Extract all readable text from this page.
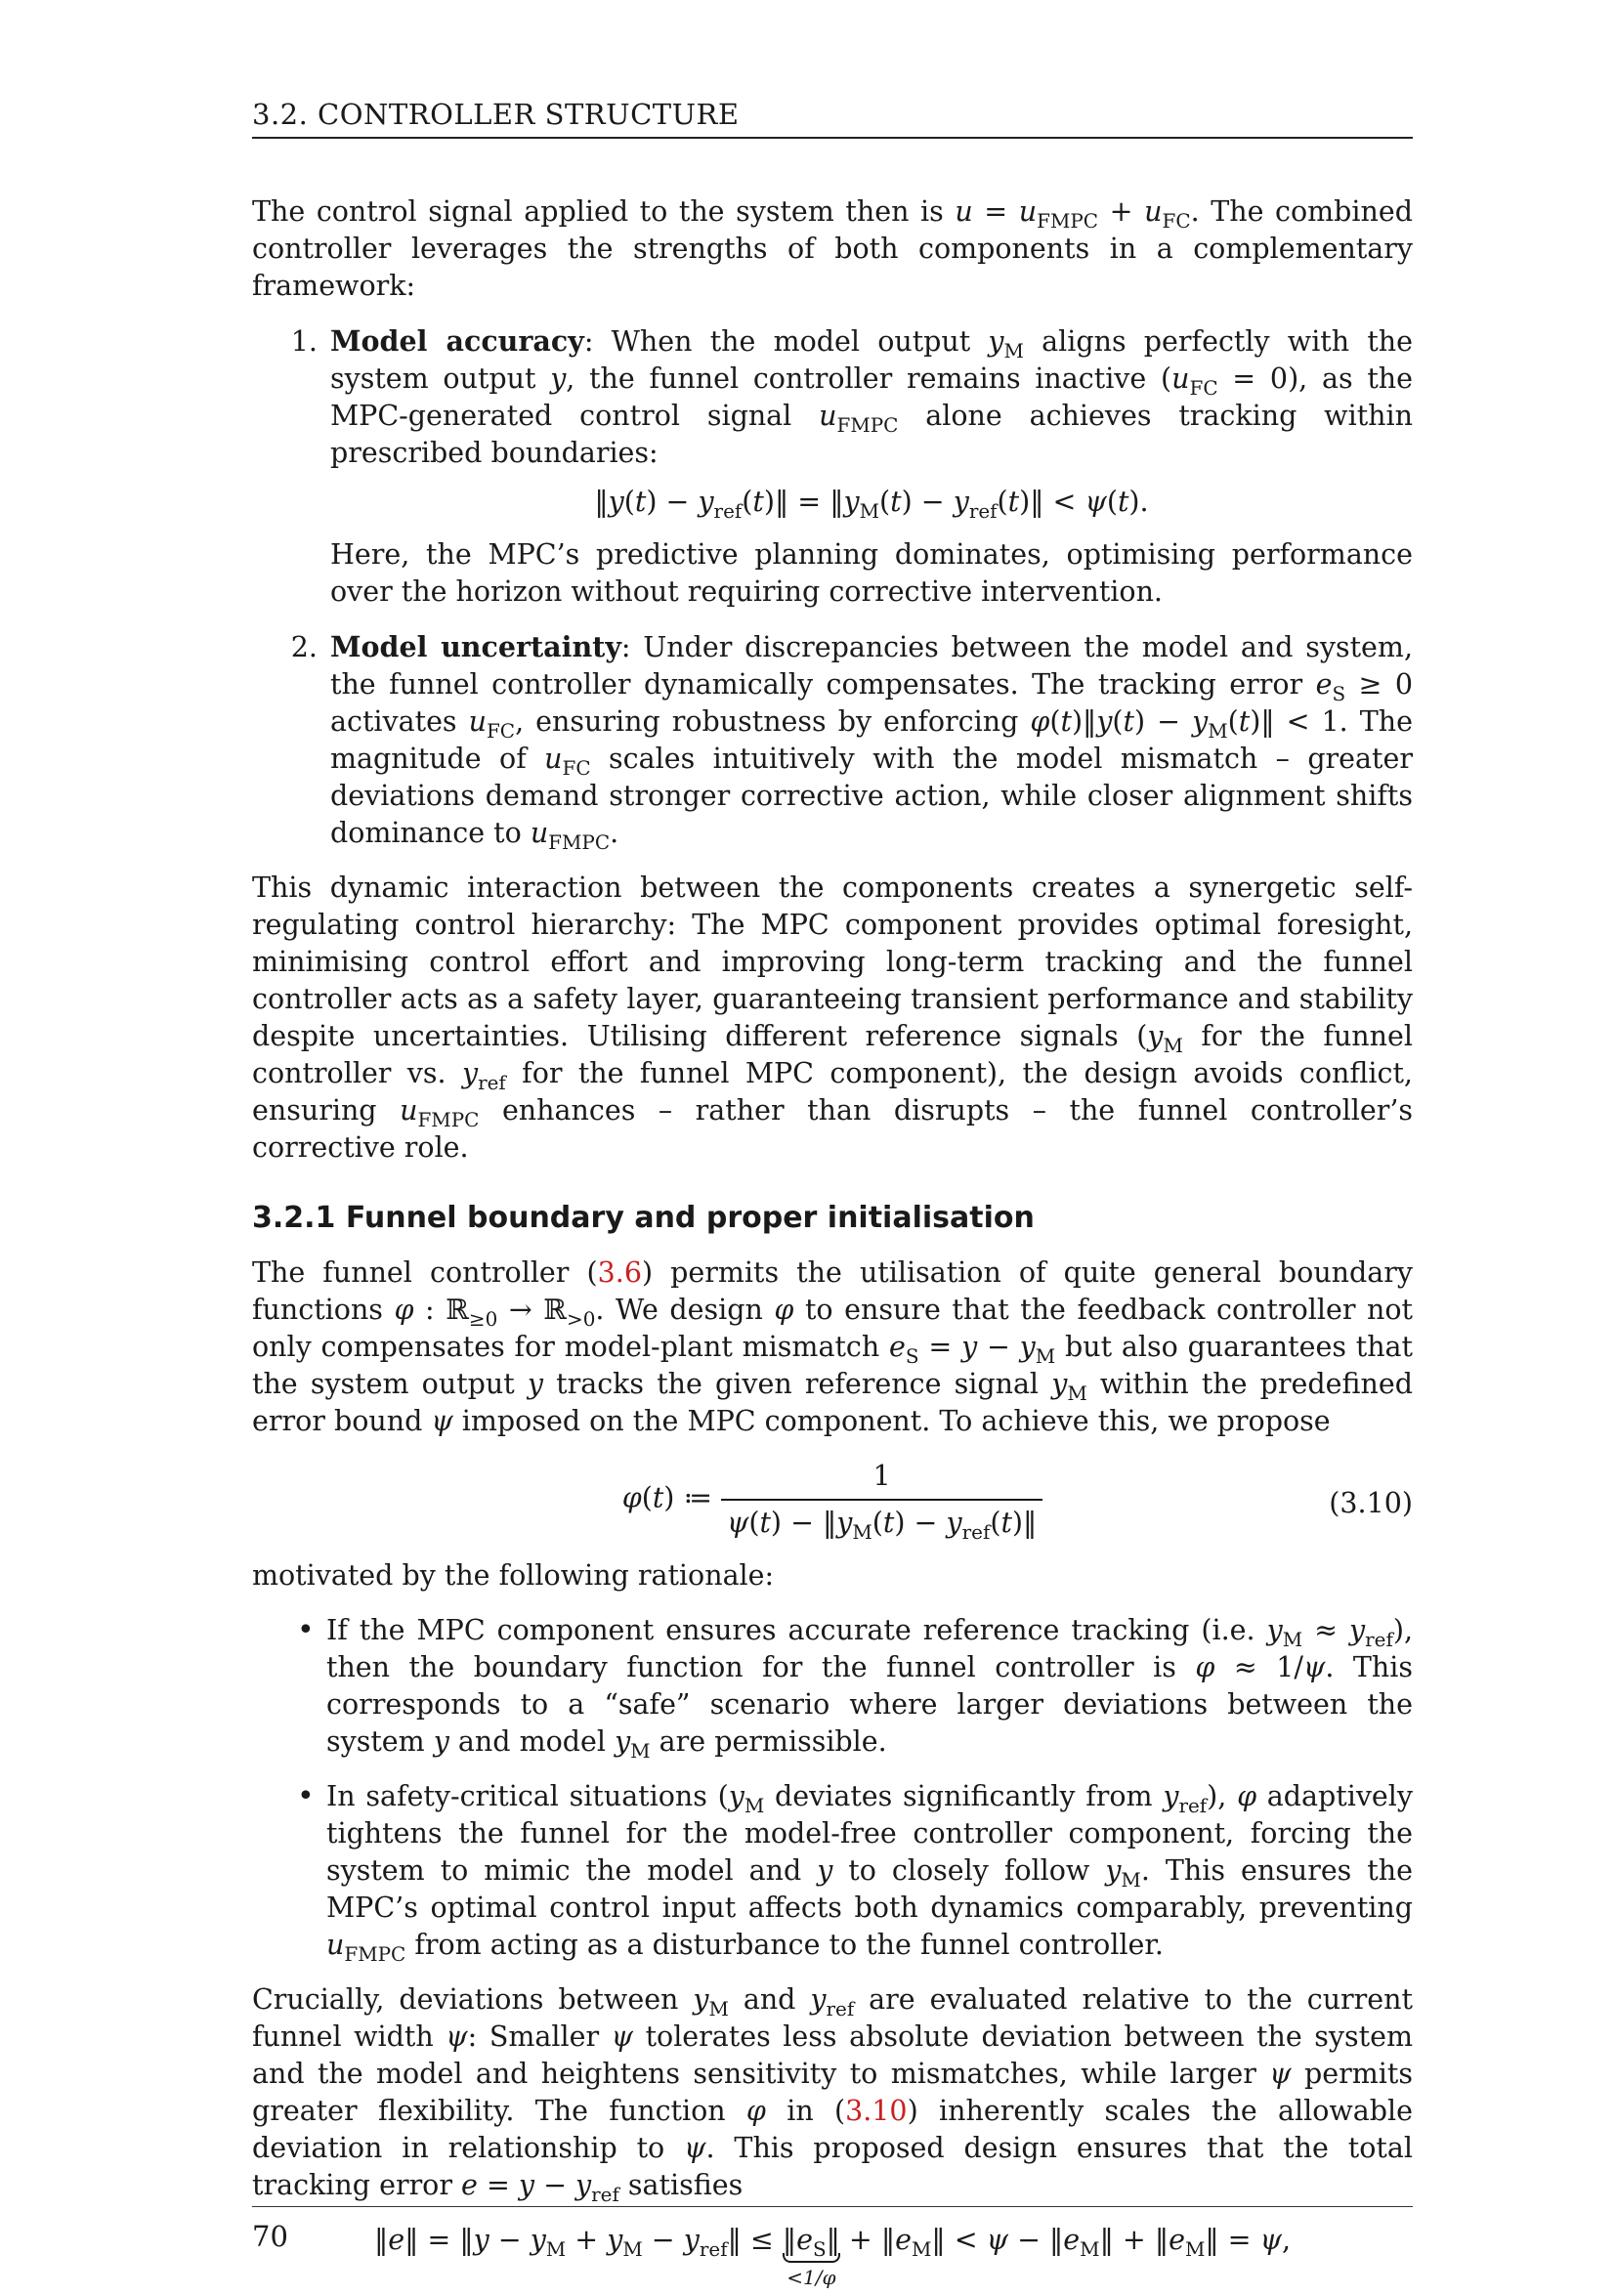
3.2. CONTROLLER STRUCTURE

The control signal applied to the system then is $u = u_{FMPC} + u_{FC}$. The combined controller leverages the strengths of both components in a complementary framework:

1. Model accuracy: When the model output $y_M$ aligns perfectly with the system output y, the funnel controller remains inactive $(u_{FC} = 0)$, as the MPC-generated control signal $u_{FMPC}$ alone achieves tracking within prescribed boundaries:
‖y(t) − $y_{ref}(t)‖$ = $‖y_M(t)$ − $y_{ref}(t)‖ < \psi(t)$.
Here, the MPC’s predictive planning dominates, optimising performance over the horizon without requiring corrective intervention.
2. Model uncertainty: Under discrepancies between the model and system, the funnel controller dynamically compensates. The tracking error $e_S \ge 0$ activates $u_{FC}$, ensuring robustness by enforcing φ(t)‖y(t) − $y_M(t)‖ < 1$. The magnitude of $u_{FC}$ scales intuitively with the model mismatch – greater deviations demand stronger corrective action, while closer alignment shifts dominance to $u_{FMPC}$.

This dynamic interaction between the components creates a synergetic self-regulating control hierarchy: The MPC component provides optimal foresight, minimising control effort and improving long-term tracking and the funnel controller acts as a safety layer, guaranteeing transient performance and stability despite uncertainties. Utilising different reference signals ($y_M$ for the funnel controller vs. $y_{ref}$ for the funnel MPC component), the design avoids conflict, ensuring $u_{FMPC}$ enhances – rather than disrupts – the funnel controller’s corrective role.

3.2.1 Funnel boundary and proper initialisation

The funnel controller (3.6) permits the utilisation of quite general boundary functions φ : ℝ$_{\ge 0}$ → ℝ$_{>0}$. We design φ to ensure that the feedback controller not only compensates for model-plant mismatch $e_S = y - y_M$ but also guarantees that the system output y tracks the given reference signal $y_M$ within the predefined error bound ψ imposed on the MPC component. To achieve this, we propose

φ(t) ≔ $\frac{1}{\psi(t) - ‖y_M(t) - y_{ref}(t)‖}$	(3.10)

motivated by the following rationale:

• If the MPC component ensures accurate reference tracking (i.e. $y_M \approx y_{ref}$), then the boundary function for the funnel controller is φ ≈ 1/ψ. This corresponds to a “safe” scenario where larger deviations between the system y and model $y_M$ are permissible.
• In safety-critical situations ($y_M$ deviates significantly from $y_{ref}$), φ adaptively tightens the funnel for the model-free controller component, forcing the system to mimic the model and y to closely follow $y_M$. This ensures the MPC’s optimal control input affects both dynamics comparably, preventing $u_{FMPC}$ from acting as a disturbance to the funnel controller.

Crucially, deviations between $y_M$ and $y_{ref}$ are evaluated relative to the current funnel width ψ: Smaller ψ tolerates less absolute deviation between the system and the model and heightens sensitivity to mismatches, while larger ψ permits greater flexibility. The function φ in (3.10) inherently scales the allowable deviation in relationship to ψ. This proposed design ensures that the total tracking error $e = y - y_{ref}$ satisfies

‖e‖ = ‖y − $y_M + y_M$ − $y_{ref}‖$ ≤ $‖e_S‖$
<1/φ
+ $‖e_M‖ < \psi$ − $‖e_M‖$ + $‖e_M‖ = \psi$,
70
